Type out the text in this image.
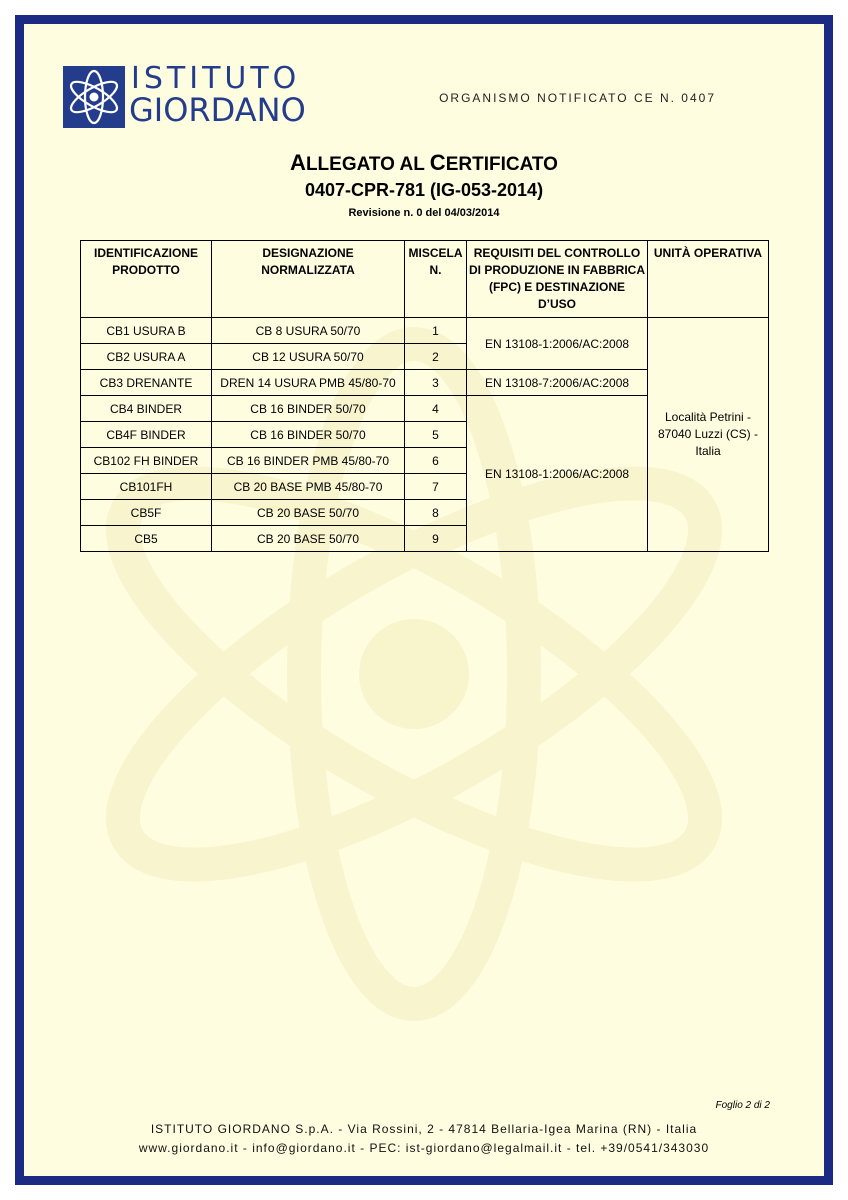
ISTITUTO
GIORDANO	ORGANISMO NOTIFICATO CE N. 0407
ALLEGATO AL CERTIFICATO
0407-CPR-781 (IG-053-2014)
Revisione n. 0 del 04/03/2014
IDENTIFICAZIONE PRODOTTO	DESIGNAZIONE NORMALIZZATA	MISCELA N.	REQUISITI DEL CONTROLLO DI PRODUZIONE IN FABBRICA (FPC) E DESTINAZIONE D’USO	UNITÀ OPERATIVA
CB1 USURA B	CB 8 USURA 50/70	1	EN 13108-1:2006/AC:2008	Località Petrini - 87040 Luzzi (CS) - Italia
CB2 USURA A	CB 12 USURA 50/70	2		
CB3 DRENANTE	DREN 14 USURA PMB 45/80-70	3	EN 13108-7:2006/AC:2008	
CB4 BINDER	CB 16 BINDER 50/70	4	EN 13108-1:2006/AC:2008	
CB4F BINDER	CB 16 BINDER 50/70	5		
CB102 FH BINDER	CB 16 BINDER PMB 45/80-70	6		
CB101FH	CB 20 BASE PMB 45/80-70	7		
CB5F	CB 20 BASE 50/70	8		
CB5	CB 20 BASE 50/70	9		
Foglio 2 di 2
ISTITUTO GIORDANO S.p.A. - Via Rossini, 2 - 47814 Bellaria-Igea Marina (RN) - Italia
www.giordano.it - info@giordano.it - PEC: ist-giordano@legalmail.it - tel. +39/0541/343030
